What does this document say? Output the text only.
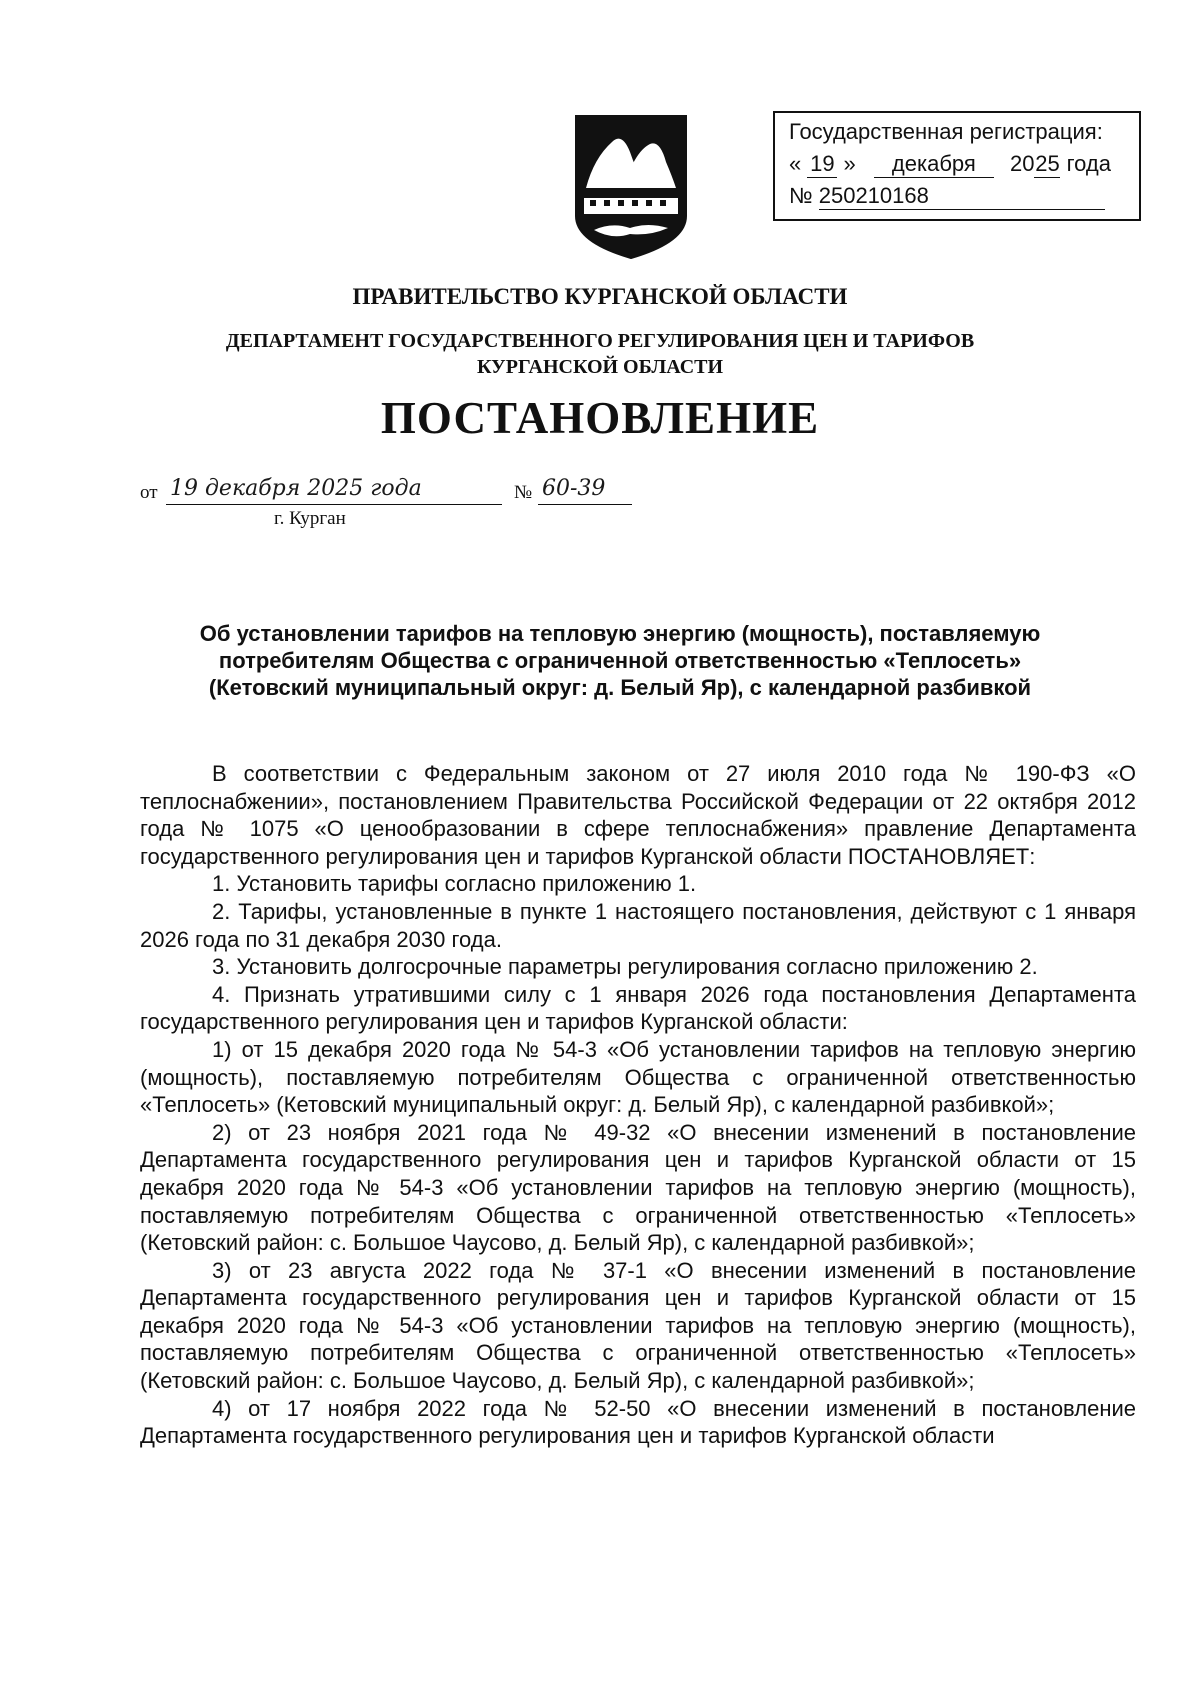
Государственная регистрация:
« 19 » декабря 2025 года
№ 250210168
ПРАВИТЕЛЬСТВО КУРГАНСКОЙ ОБЛАСТИ
ДЕПАРТАМЕНТ ГОСУДАРСТВЕННОГО РЕГУЛИРОВАНИЯ ЦЕН И ТАРИФОВ
КУРГАНСКОЙ ОБЛАСТИ
ПОСТАНОВЛЕНИЕ
от 19 декабря 2025 года	№ 60-39
г. Курган
Об установлении тарифов на тепловую энергию (мощность), поставляемую
потребителям Общества с ограниченной ответственностью «Теплосеть»
(Кетовский муниципальный округ: д. Белый Яр), с календарной разбивкой

В соответствии с Федеральным законом от 27 июля 2010 года № 190-ФЗ «О теплоснабжении», постановлением Правительства Российской Федерации от 22 октября 2012 года № 1075 «О ценообразовании в сфере теплоснабжения» правление Департамента государственного регулирования цен и тарифов Курганской области ПОСТАНОВЛЯЕТ:

1. Установить тарифы согласно приложению 1.

2. Тарифы, установленные в пункте 1 настоящего постановления, действуют с 1 января 2026 года по 31 декабря 2030 года.

3. Установить долгосрочные параметры регулирования согласно приложению 2.

4. Признать утратившими силу с 1 января 2026 года постановления Департамента государственного регулирования цен и тарифов Курганской области:

1) от 15 декабря 2020 года № 54-3 «Об установлении тарифов на тепловую энергию (мощность), поставляемую потребителям Общества с ограниченной ответственностью «Теплосеть» (Кетовский муниципальный округ: д. Белый Яр), с календарной разбивкой»;

2) от 23 ноября 2021 года № 49-32 «О внесении изменений в постановление Департамента государственного регулирования цен и тарифов Курганской области от 15 декабря 2020 года № 54-3 «Об установлении тарифов на тепловую энергию (мощность), поставляемую потребителям Общества с ограниченной ответственностью «Теплосеть» (Кетовский район: с. Большое Чаусово, д. Белый Яр), с календарной разбивкой»;

3) от 23 августа 2022 года № 37-1 «О внесении изменений в постановление Департамента государственного регулирования цен и тарифов Курганской области от 15 декабря 2020 года № 54-3 «Об установлении тарифов на тепловую энергию (мощность), поставляемую потребителям Общества с ограниченной ответственностью «Теплосеть» (Кетовский район: с. Большое Чаусово, д. Белый Яр), с календарной разбивкой»;

4) от 17 ноября 2022 года № 52-50 «О внесении изменений в постановление Департамента государственного регулирования цен и тарифов Курганской области
